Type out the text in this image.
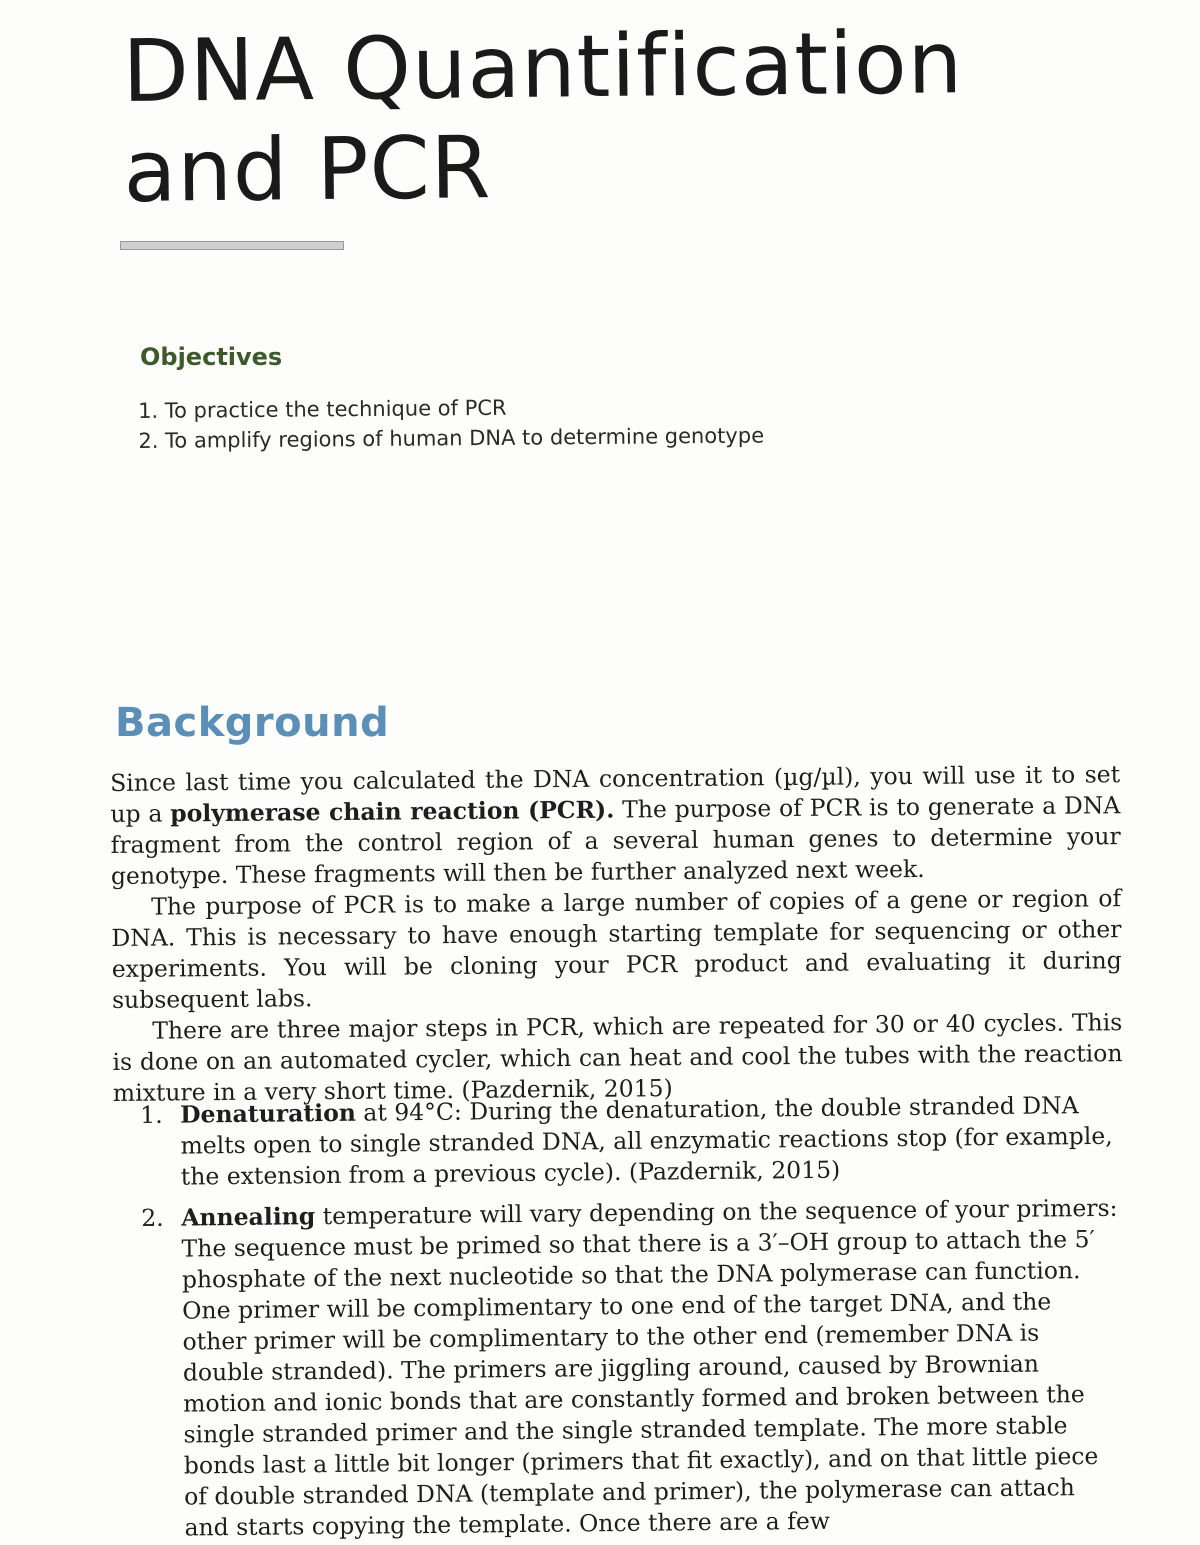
DNA Quantification
and PCR
Objectives
1. To practice the technique of PCR
2. To amplify regions of human DNA to determine genotype
Background

Since last time you calculated the DNA concentration (µg/µl), you will use it to set up a polymerase chain reaction (PCR). The purpose of PCR is to generate a DNA fragment from the control region of a several human genes to determine your genotype. These fragments will then be further analyzed next week.

The purpose of PCR is to make a large number of copies of a gene or region of DNA. This is necessary to have enough starting template for sequencing or other experiments. You will be cloning your PCR product and evaluating it during subsequent labs.

There are three major steps in PCR, which are repeated for 30 or 40 cycles. This is done on an automated cycler, which can heat and cool the tubes with the reaction mixture in a very short time. (Pazdernik, 2015)

1. Denaturation at 94°C: During the denaturation, the double stranded DNA melts open to single stranded DNA, all enzymatic reactions stop (for example, the extension from a previous cycle). (Pazdernik, 2015)
2. Annealing temperature will vary depending on the sequence of your primers: The sequence must be primed so that there is a 3′–OH group to attach the 5′ phosphate of the next nucleotide so that the DNA polymerase can function. One primer will be complimentary to one end of the target DNA, and the other primer will be complimentary to the other end (remember DNA is double stranded). The primers are jiggling around, caused by Brownian motion and ionic bonds that are constantly formed and broken between the single stranded primer and the single stranded template. The more stable bonds last a little bit longer (primers that fit exactly), and on that little piece of double stranded DNA (template and primer), the polymerase can attach and starts copying the template. Once there are a few
